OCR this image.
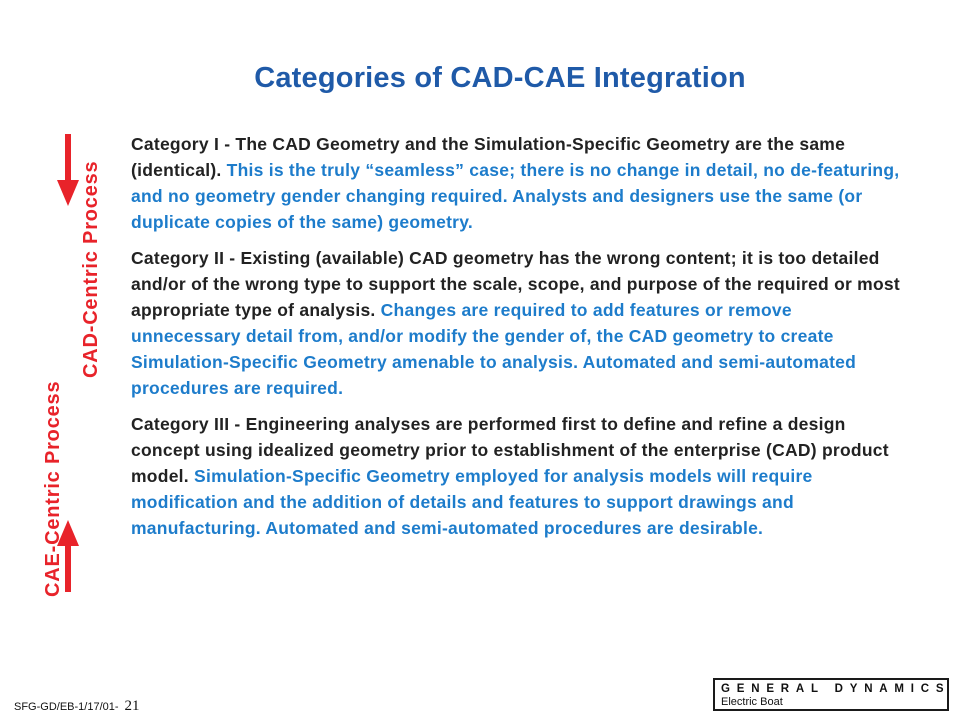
Categories of CAD-CAE Integration
CAD-Centric Process
CAE-Centric Process

Category I - The CAD Geometry and the Simulation-Specific Geometry are the same (identical). This is the truly “seamless” case; there is no change in detail, no de-featuring, and no geometry gender changing required. Analysts and designers use the same (or duplicate copies of the same) geometry.

Category II - Existing (available) CAD geometry has the wrong content; it is too detailed and/or of the wrong type to support the scale, scope, and purpose of the required or most appropriate type of analysis. Changes are required to add features or remove unnecessary detail from, and/or modify the gender of, the CAD geometry to create Simulation-Specific Geometry amenable to analysis. Automated and semi-automated procedures are required.

Category III - Engineering analyses are performed first to define and refine a design concept using idealized geometry prior to establishment of the enterprise (CAD) product model. Simulation-Specific Geometry employed for analysis models will require modification and the addition of details and features to support drawings and manufacturing. Automated and semi-automated procedures are desirable.

SFG-GD/EB-1/17/01- 21
GENERAL DYNAMICS
Electric Boat
